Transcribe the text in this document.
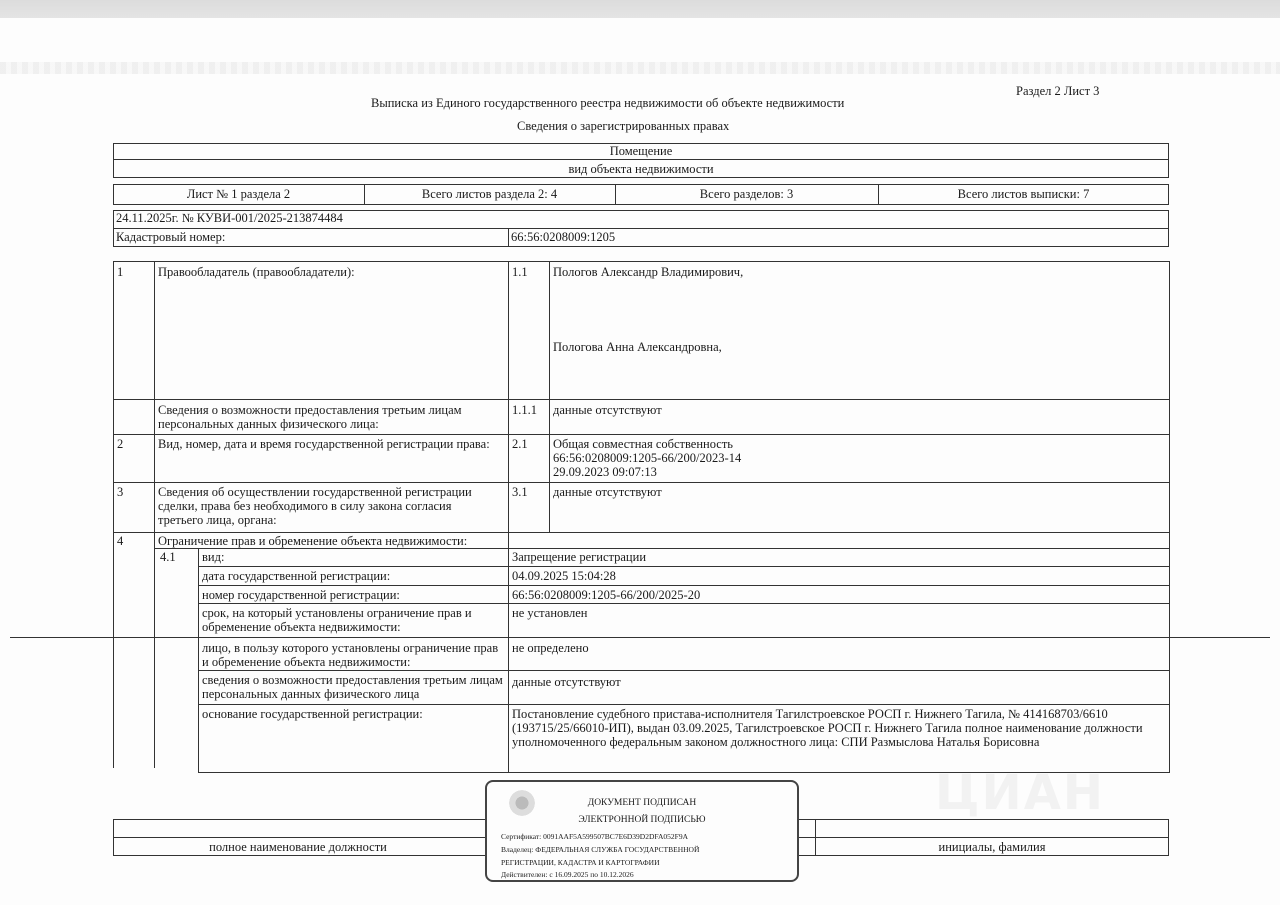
ЦИАН
Раздел 2 Лист 3
Выписка из Единого государственного реестра недвижимости об объекте недвижимости
Сведения о зарегистрированных правах
Помещение
вид объекта недвижимости
Лист № 1 раздела 2	Всего листов раздела 2: 4	Всего разделов: 3	Всего листов выписки: 7
24.11.2025г. № КУВИ-001/2025-213874484
Кадастровый номер:	66:56:0208009:1205
1	Правообладатель (правообладатели):	1.1 Пологов Александр Владимирович,
Пологова Анна Александровна,
Сведения о возможности предоставления третьим лицам персональных данных физического лица:
1.1.1 данные отсутствуют
2	Вид, номер, дата и время государственной регистрации права:	2.1 Общая совместная собственность
66:56:0208009:1205-66/200/2023-14
29.09.2023 09:07:13
3	Сведения об осуществлении государственной регистрации сделки, права без необходимого в силу закона согласия третьего лица, органа:
3.1 данные отсутствуют
4	Ограничение прав и обременение объекта недвижимости:
4.1 вид:	Запрещение регистрации
дата государственной регистрации:	04.09.2025 15:04:28
номер государственной регистрации:	66:56:0208009:1205-66/200/2025-20
срок, на который установлены ограничение прав и обременение объекта недвижимости:
не установлен
лицо, в пользу которого установлены ограничение прав и обременение объекта недвижимости:
не определено
сведения о возможности предоставления третьим лицам персональных данных физического лица
данные отсутствуют
основание государственной регистрации:	Постановление судебного пристава-исполнителя Тагилстроевское РОСП г. Нижнего Тагила, № 414168703/6610 (193715/25/66010-ИП), выдан 03.09.2025, Тагилстроевское РОСП г. Нижнего Тагила полное наименование должности уполномоченного федеральным законом должностного лица: СПИ Размыслова Наталья Борисовна
полное наименование должности	инициалы, фамилия
ДОКУМЕНТ ПОДПИСАН
ЭЛЕКТРОННОЙ ПОДПИСЬЮ
Сертификат: 0091AAF5A599507BC7E6D39D2DFA052F9A
Владелец: ФЕДЕРАЛЬНАЯ СЛУЖБА ГОСУДАРСТВЕННОЙ
РЕГИСТРАЦИИ, КАДАСТРА И КАРТОГРАФИИ
Действителен: с 16.09.2025 по 10.12.2026
